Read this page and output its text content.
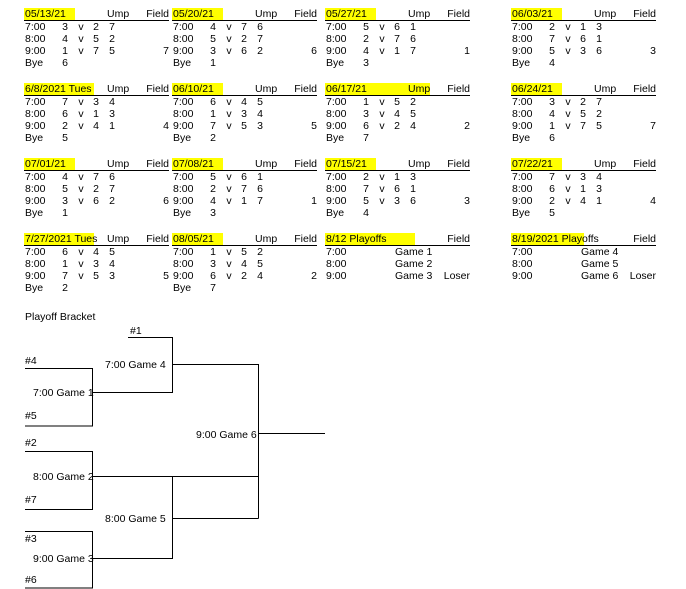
05/13/21	Ump Field
7:00 3 v 2 7
8:00 4 v 5 2
9:00 1 v 7 5	7
Bye 6
05/20/21	Ump Field
7:00 4 v 7 6
8:00 5 v 2 7
9:00 3 v 6 2	6
Bye 1
05/27/21	Ump Field
7:00 5 v 6 1
8:00 2 v 7 6
9:00 4 v 1 7	1
Bye 3
06/03/21	Ump Field
7:00 2 v 1 3
8:00 7 v 6 1
9:00 5 v 3 6	3
Bye 4
6/8/2021 Tues Ump Field
7:00 7 v 3 4
8:00 6 v 1 3
9:00 2 v 4 1	4
Bye 5
06/10/21	Ump Field
7:00 6 v 4 5
8:00 1 v 3 4
9:00 7 v 5 3	5
Bye 2
06/17/21	Ump Field
7:00 1 v 5 2
8:00 3 v 4 5
9:00 6 v 2 4	2
Bye 7
06/24/21	Ump Field
7:00 3 v 2 7
8:00 4 v 5 2
9:00 1 v 7 5	7
Bye 6
07/01/21	Ump Field
7:00 4 v 7 6
8:00 5 v 2 7
9:00 3 v 6 2	6
Bye 1
07/08/21	Ump Field
7:00 5 v 6 1
8:00 2 v 7 6
9:00 4 v 1 7	1
Bye 3
07/15/21	Ump Field
7:00 2 v 1 3
8:00 7 v 6 1
9:00 5 v 3 6	3
Bye 4
07/22/21	Ump Field
7:00 7 v 3 4
8:00 6 v 1 3
9:00 2 v 4 1	4
Bye 5
7/27/2021 Tues Ump Field
7:00 6 v 4 5
8:00 1 v 3 4
9:00 7 v 5 3	5
Bye 2
08/05/21	Ump Field
7:00 1 v 5 2
8:00 3 v 4 5
9:00 6 v 2 4	2
Bye 7
8/12 Playoffs	Field
7:00	Game 1
8:00	Game 2
9:00	Game 3 Loser
8/19/2021 Playoffs	Field
7:00	Game 4
8:00	Game 5
9:00	Game 6 Loser
Playoff Bracket
#1
#4
#5
#2
#7
#3
#6
7:00 Game 1
8:00 Game 2
9:00 Game 3
7:00 Game 4
8:00 Game 5
9:00 Game 6
